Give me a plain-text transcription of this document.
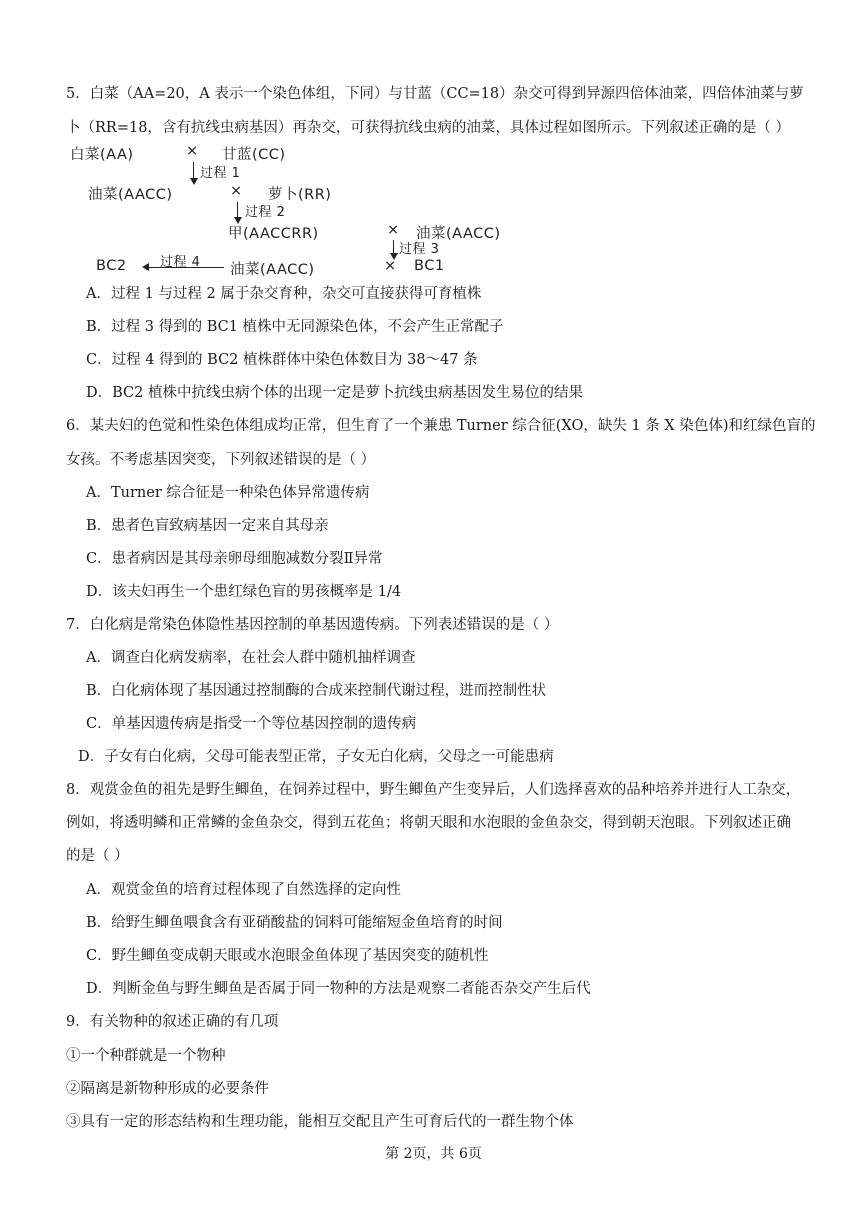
5．白菜（AA=20，A 表示一个染色体组，下同）与甘蓝（CC=18）杂交可得到异源四倍体油菜，四倍体油菜与萝
卜（RR=18，含有抗线虫病基因）再杂交，可获得抗线虫病的油菜，具体过程如图所示。下列叙述正确的是（ ）
白菜(AA)	× 甘蓝(CC)
过程 1
油菜(AACC)	× 萝卜(RR)
过程 2
甲(AACCRR)	× 油菜(AACC)
过程 3
BC2	过程 4 油菜(AACC)	× BC1
A．过程 1 与过程 2 属于杂交育种，杂交可直接获得可育植株
B．过程 3 得到的 BC1 植株中无同源染色体，不会产生正常配子
C．过程 4 得到的 BC2 植株群体中染色体数目为 38～47 条
D．BC2 植株中抗线虫病个体的出现一定是萝卜抗线虫病基因发生易位的结果
6．某夫妇的色觉和性染色体组成均正常，但生育了一个兼患 Turner 综合征(XO，缺失 1 条 X 染色体)和红绿色盲的
女孩。不考虑基因突变，下列叙述错误的是（ ）
A．Turner 综合征是一种染色体异常遗传病
B．患者色盲致病基因一定来自其母亲
C．患者病因是其母亲卵母细胞减数分裂Ⅱ异常
D．该夫妇再生一个患红绿色盲的男孩概率是 1/4
7．白化病是常染色体隐性基因控制的单基因遗传病。下列表述错误的是（ ）
A．调查白化病发病率，在社会人群中随机抽样调查
B．白化病体现了基因通过控制酶的合成来控制代谢过程，进而控制性状
C．单基因遗传病是指受一个等位基因控制的遗传病
D．子女有白化病，父母可能表型正常，子女无白化病，父母之一可能患病
8．观赏金鱼的祖先是野生鲫鱼，在饲养过程中，野生鲫鱼产生变异后，人们选择喜欢的品种培养并进行人工杂交，
例如，将透明鳞和正常鳞的金鱼杂交，得到五花鱼；将朝天眼和水泡眼的金鱼杂交，得到朝天泡眼。下列叙述正确
的是（ ）
A．观赏金鱼的培育过程体现了自然选择的定向性
B．给野生鲫鱼喂食含有亚硝酸盐的饲料可能缩短金鱼培育的时间
C．野生鲫鱼变成朝天眼或水泡眼金鱼体现了基因突变的随机性
D．判断金鱼与野生鲫鱼是否属于同一物种的方法是观察二者能否杂交产生后代
9．有关物种的叙述正确的有几项
①一个种群就是一个物种
②隔离是新物种形成的必要条件
③具有一定的形态结构和生理功能，能相互交配且产生可育后代的一群生物个体
第 2页，共 6页
